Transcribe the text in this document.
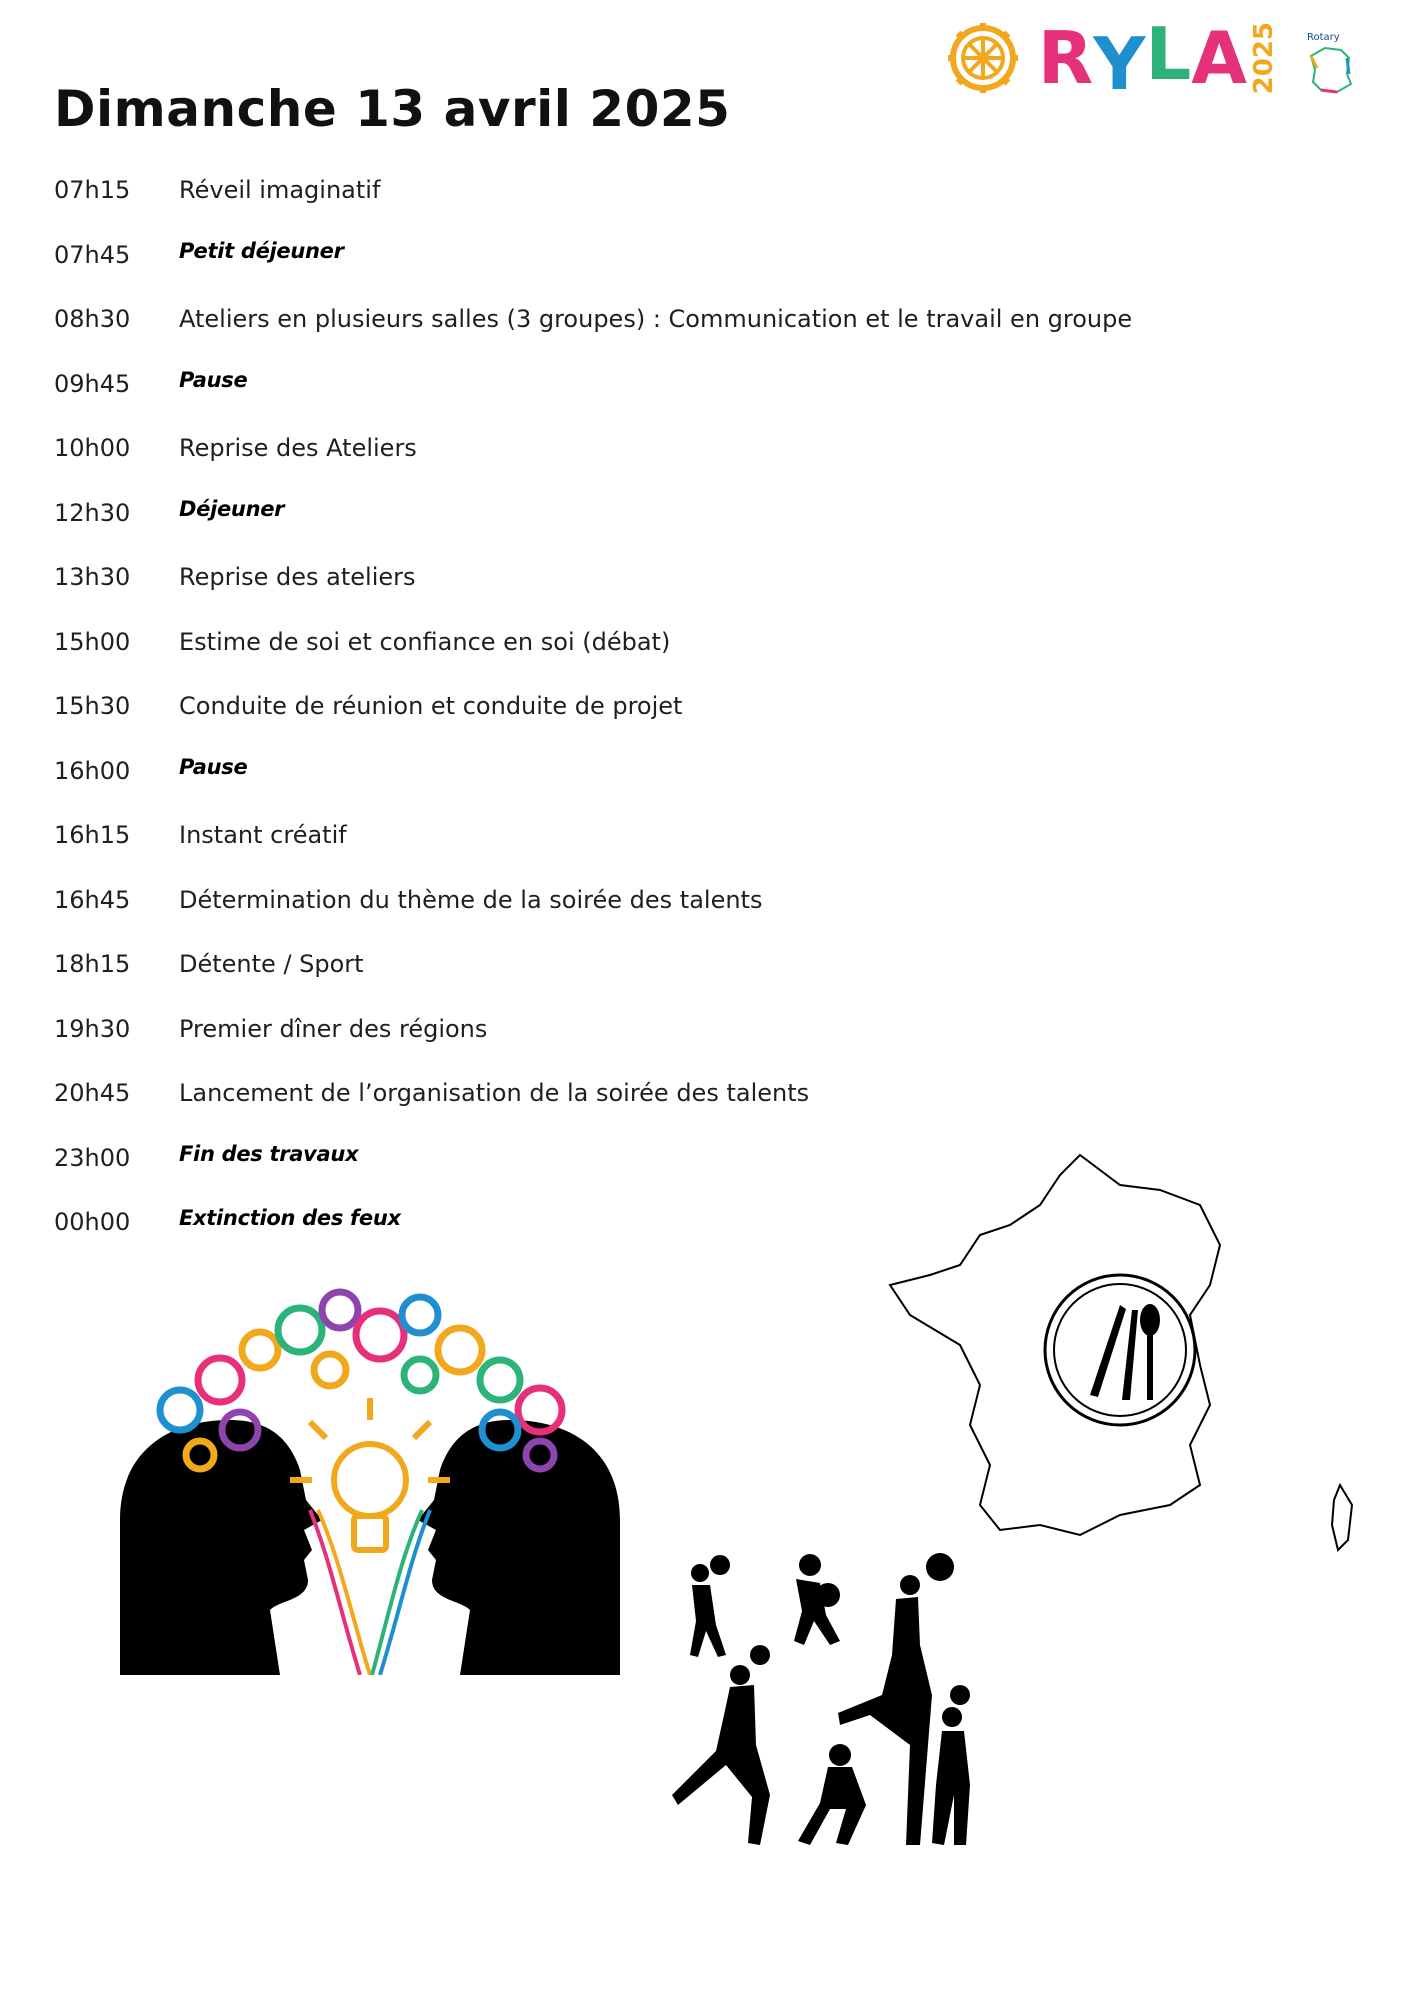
Dimanche 13 avril 2025
R Y L A 2025	Rotary
07h15	Réveil imaginatif
07h45	Petit déjeuner
08h30	Ateliers en plusieurs salles (3 groupes) : Communication et le travail en groupe
09h45	Pause
10h00	Reprise des Ateliers
12h30	Déjeuner
13h30	Reprise des ateliers
15h00	Estime de soi et confiance en soi (débat)
15h30	Conduite de réunion et conduite de projet
16h00	Pause
16h15	Instant créatif
16h45	Détermination du thème de la soirée des talents
18h15	Détente / Sport
19h30	Premier dîner des régions
20h45	Lancement de l’organisation de la soirée des talents
23h00	Fin des travaux
00h00	Extinction des feux
